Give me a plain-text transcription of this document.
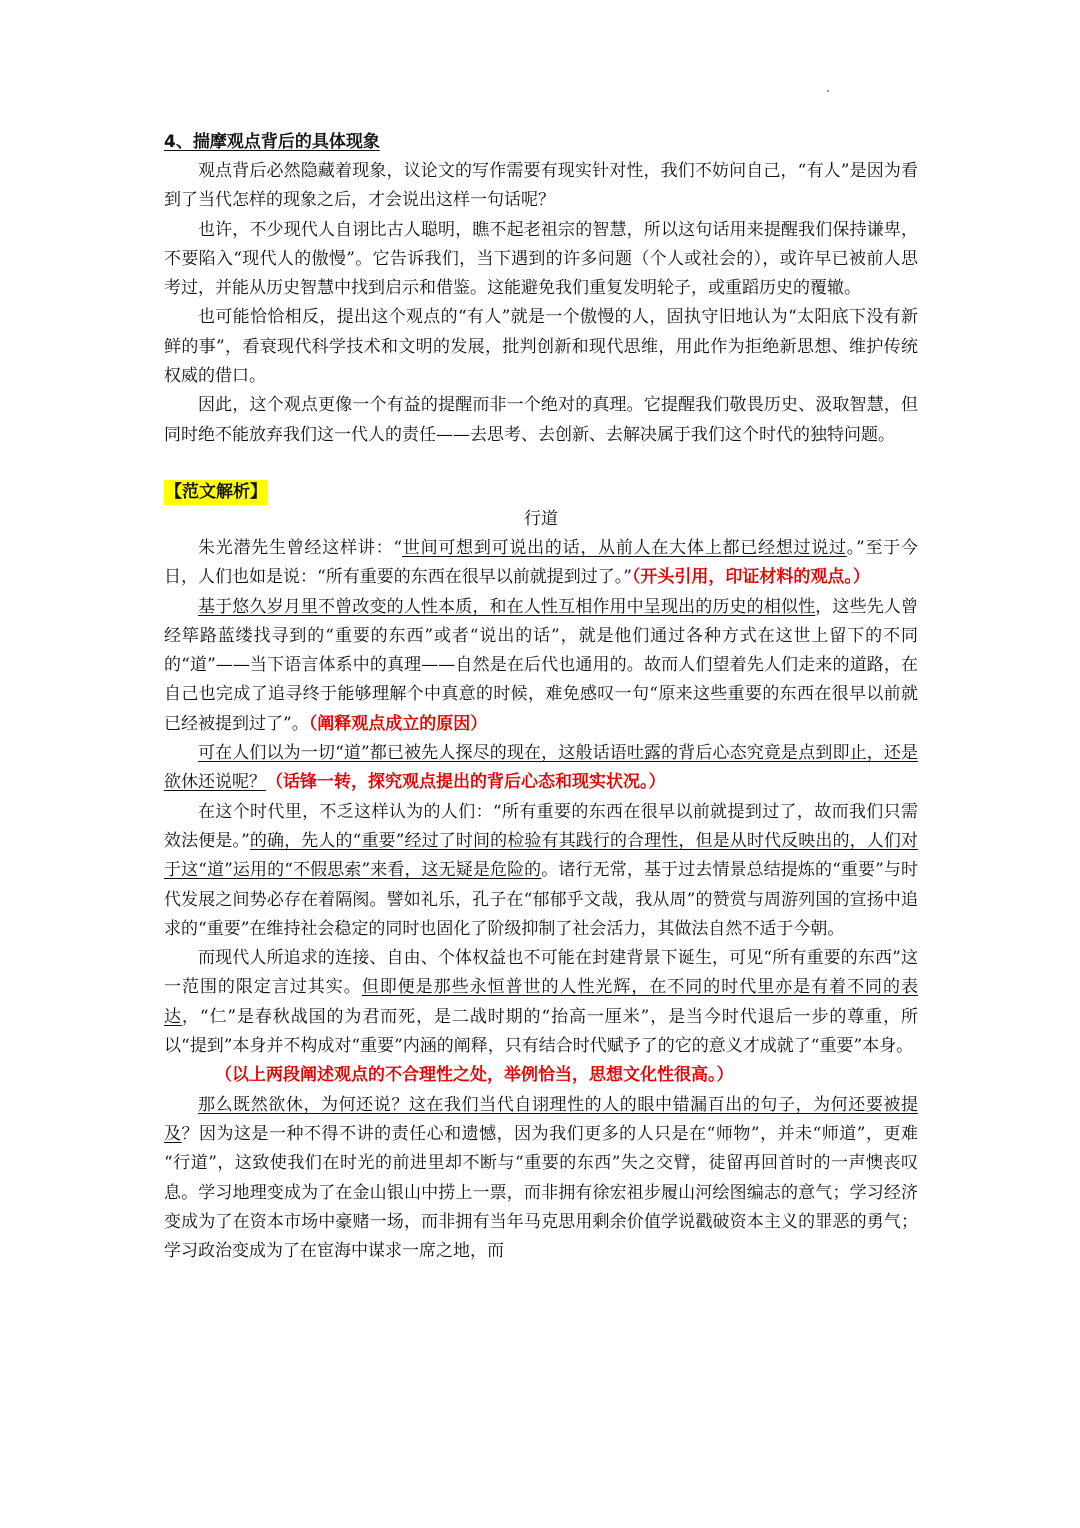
4、揣摩观点背后的具体现象

观点背后必然隐藏着现象，议论文的写作需要有现实针对性，我们不妨问自己，“有人”是因为看到了当代怎样的现象之后，才会说出这样一句话呢？

也许，不少现代人自诩比古人聪明，瞧不起老祖宗的智慧，所以这句话用来提醒我们保持谦卑，不要陷入“现代人的傲慢”。它告诉我们，当下遇到的许多问题（个人或社会的），或许早已被前人思考过，并能从历史智慧中找到启示和借鉴。这能避免我们重复发明轮子，或重蹈历史的覆辙。

也可能恰恰相反，提出这个观点的“有人”就是一个傲慢的人，固执守旧地认为“太阳底下没有新鲜的事”，看衰现代科学技术和文明的发展，批判创新和现代思维，用此作为拒绝新思想、维护传统权威的借口。

因此，这个观点更像一个有益的提醒而非一个绝对的真理。它提醒我们敬畏历史、汲取智慧，但同时绝不能放弃我们这一代人的责任——去思考、去创新、去解决属于我们这个时代的独特问题。

【范文解析】

行道

朱光潜先生曾经这样讲：“世间可想到可说出的话，从前人在大体上都已经想过说过。”至于今日，人们也如是说：“所有重要的东西在很早以前就提到过了。”（开头引用，印证材料的观点。）

基于悠久岁月里不曾改变的人性本质，和在人性互相作用中呈现出的历史的相似性，这些先人曾经筚路蓝缕找寻到的“重要的东西”或者“说出的话”，就是他们通过各种方式在这世上留下的不同的“道”——当下语言体系中的真理——自然是在后代也通用的。故而人们望着先人们走来的道路，在自己也完成了追寻终于能够理解个中真意的时候，难免感叹一句“原来这些重要的东西在很早以前就已经被提到过了”。（阐释观点成立的原因）

可在人们以为一切“道”都已被先人探尽的现在，这般话语吐露的背后心态究竟是点到即止，还是欲休还说呢？（话锋一转，探究观点提出的背后心态和现实状况。）

在这个时代里，不乏这样认为的人们：“所有重要的东西在很早以前就提到过了，故而我们只需效法便是。”的确，先人的“重要”经过了时间的检验有其践行的合理性，但是从时代反映出的，人们对于这“道”运用的“不假思索”来看，这无疑是危险的。诸行无常，基于过去情景总结提炼的“重要”与时代发展之间势必存在着隔阂。譬如礼乐，孔子在“郁郁乎文哉，我从周”的赞赏与周游列国的宣扬中追求的“重要”在维持社会稳定的同时也固化了阶级抑制了社会活力，其做法自然不适于今朝。

而现代人所追求的连接、自由、个体权益也不可能在封建背景下诞生，可见“所有重要的东西”这一范围的限定言过其实。但即便是那些永恒普世的人性光辉，在不同的时代里亦是有着不同的表达，“仁”是春秋战国的为君而死，是二战时期的“抬高一厘米”，是当今时代退后一步的尊重，所以“提到”本身并不构成对“重要”内涵的阐释，只有结合时代赋予了的它的意义才成就了“重要”本身。

（以上两段阐述观点的不合理性之处，举例恰当，思想文化性很高。）

那么既然欲休，为何还说？这在我们当代自诩理性的人的眼中错漏百出的句子，为何还要被提及？因为这是一种不得不讲的责任心和遗憾，因为我们更多的人只是在“师物”，并未“师道”，更难 “行道”，这致使我们在时光的前进里却不断与“重要的东西”失之交臂，徒留再回首时的一声懊丧叹息。学习地理变成为了在金山银山中捞上一票，而非拥有徐宏祖步履山河绘图编志的意气；学习经济变成为了在资本市场中豪赌一场，而非拥有当年马克思用剩余价值学说戳破资本主义的罪恶的勇气；学习政治变成为了在宦海中谋求一席之地，而
